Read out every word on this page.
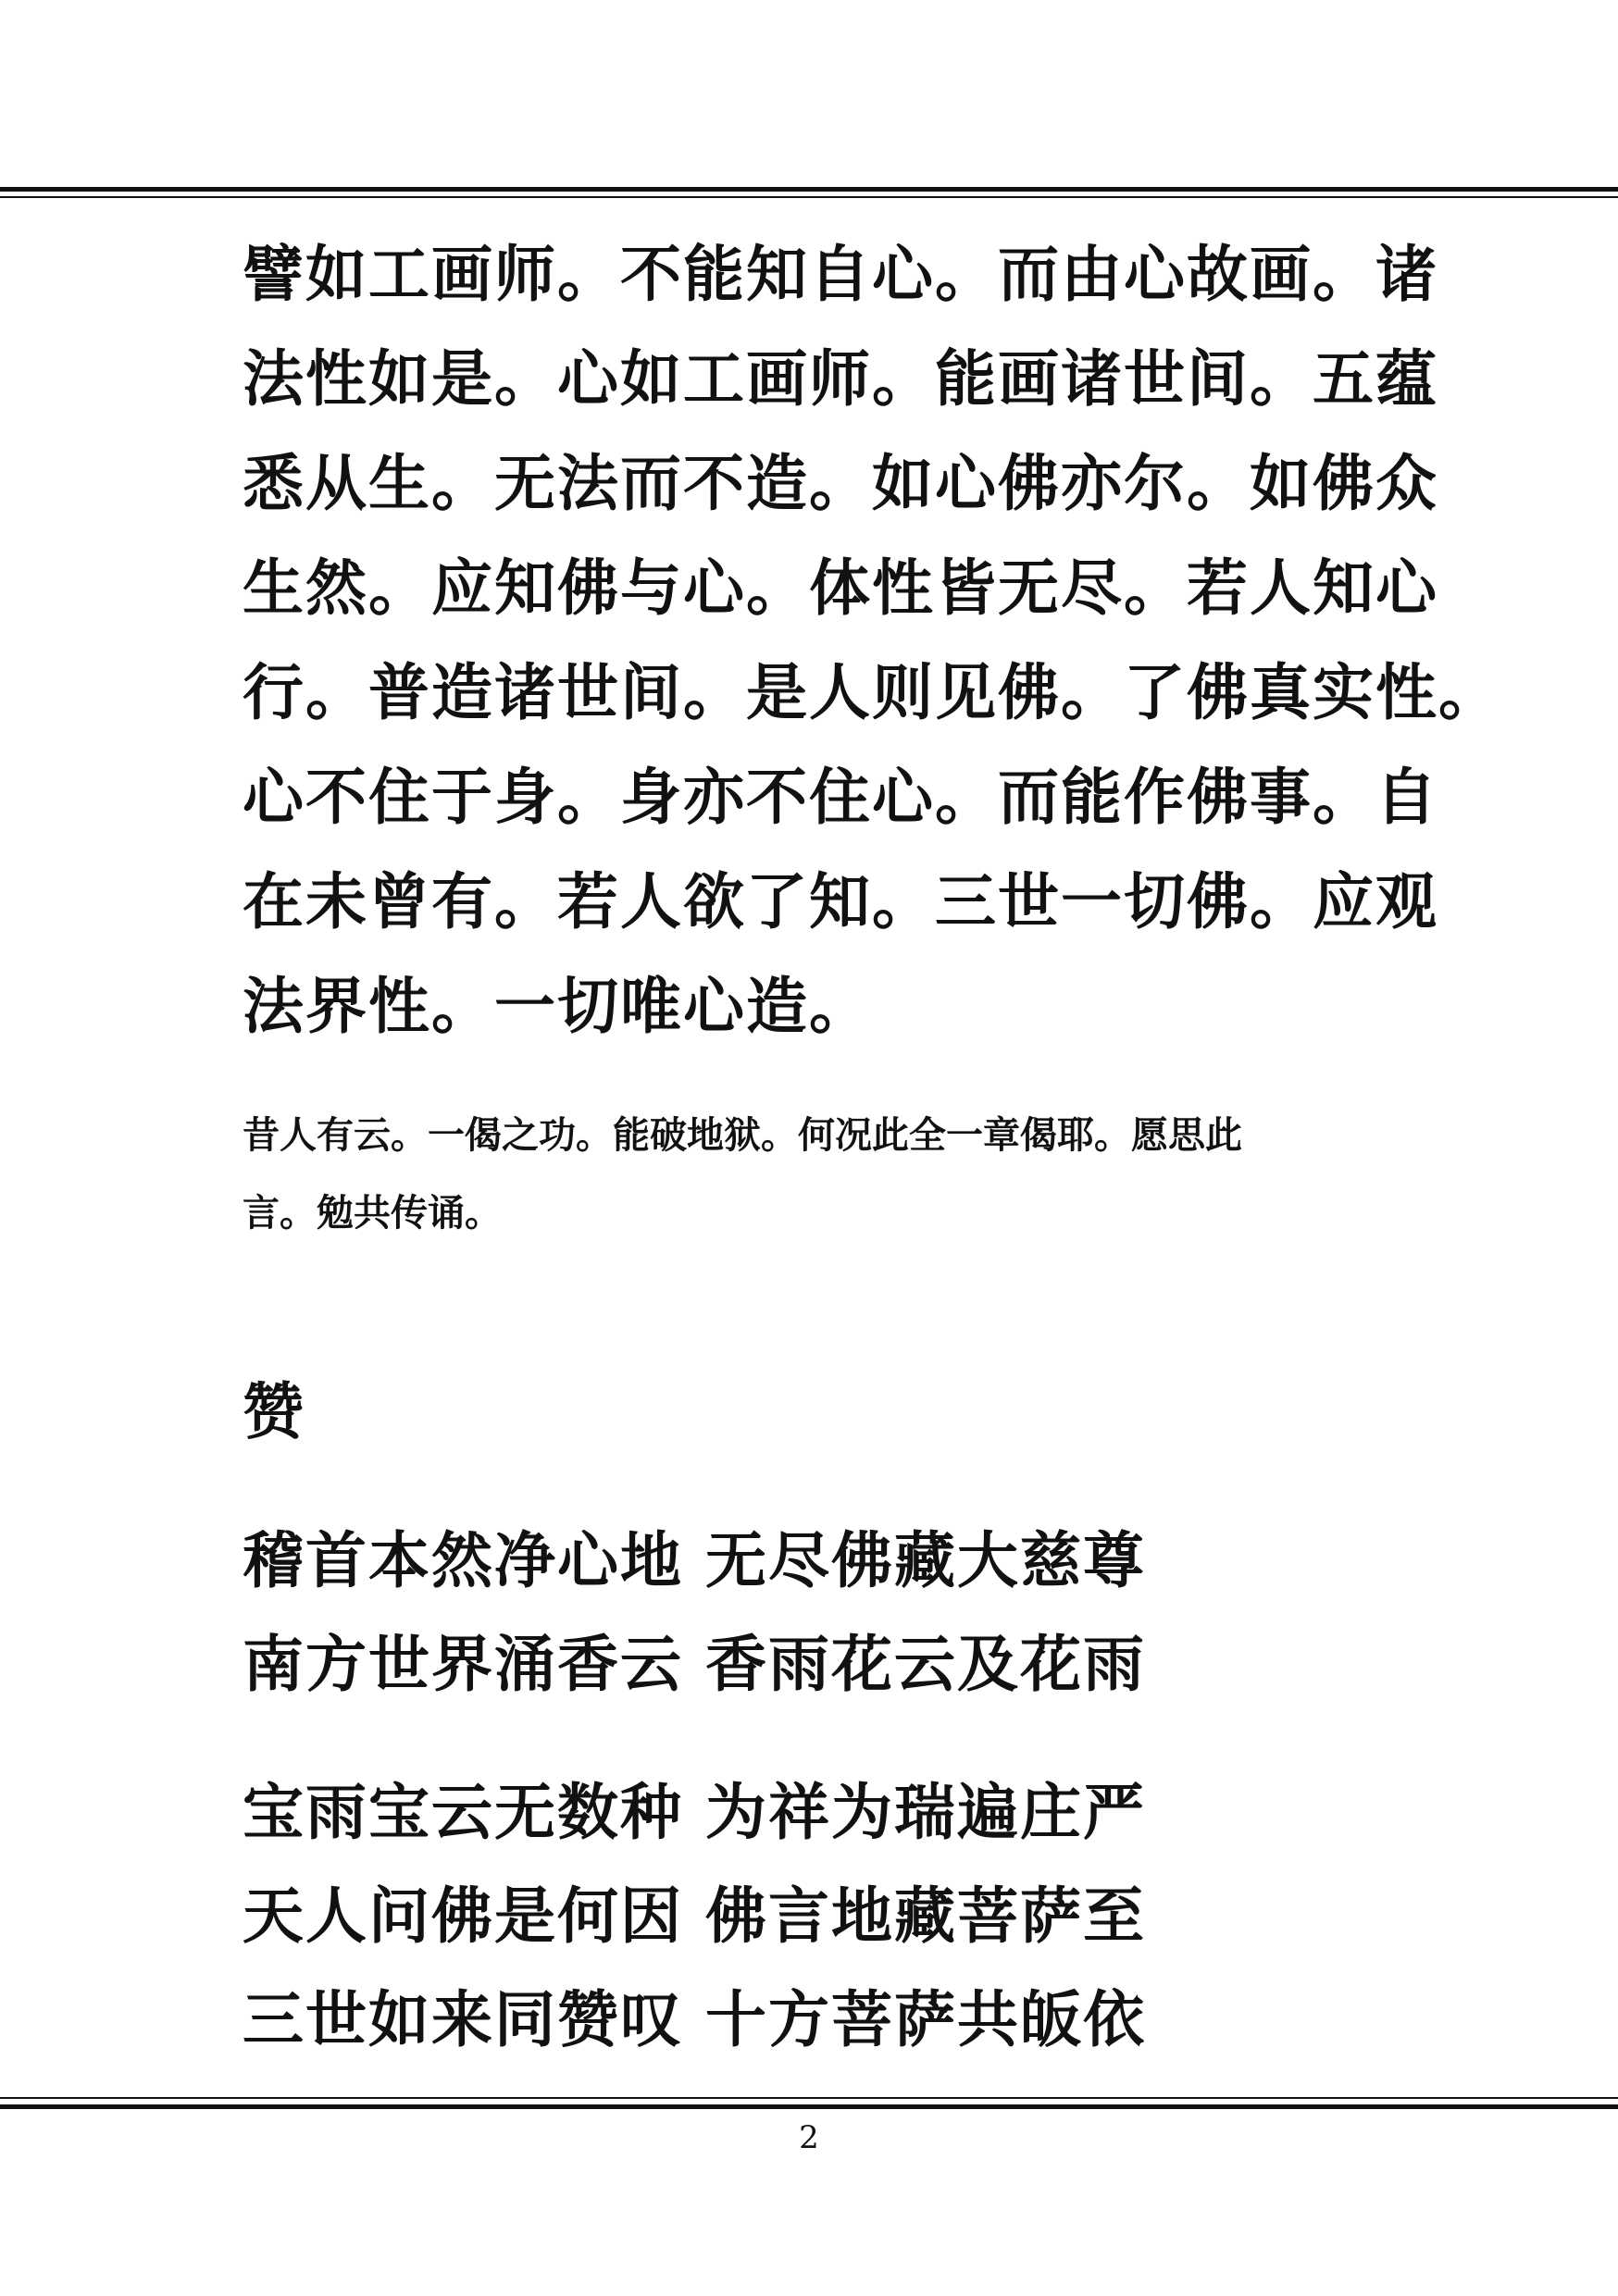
譬如工画师。不能知自心。而由心故画。诸
法性如是。心如工画师。能画诸世间。五蕴
悉从生。无法而不造。如心佛亦尔。如佛众
生然。应知佛与心。体性皆无尽。若人知心
行。普造诸世间。是人则见佛。了佛真实性。
心不住于身。身亦不住心。而能作佛事。自
在未曾有。若人欲了知。三世一切佛。应观
法界性。一切唯心造。
昔人有云。一偈之功。能破地狱。何况此全一章偈耶。愿思此
言。勉共传诵。
赞
稽首本然净心地 无尽佛藏大慈尊
南方世界涌香云 香雨花云及花雨
宝雨宝云无数种 为祥为瑞遍庄严
天人问佛是何因 佛言地藏菩萨至
三世如来同赞叹 十方菩萨共皈依
2
